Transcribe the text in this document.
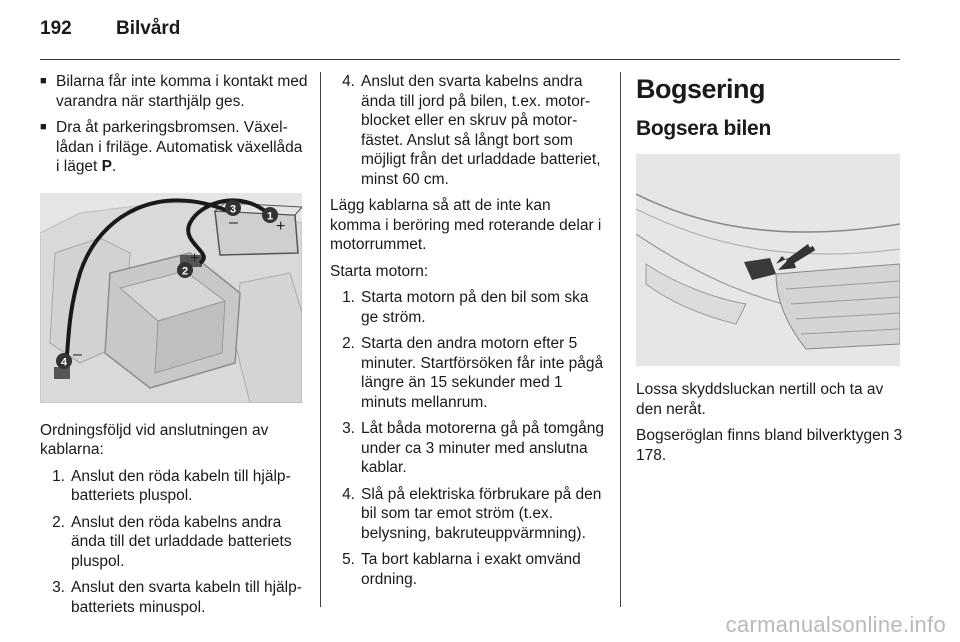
192	Bilvård
■ Bilarna får inte komma i kontakt med varandra när starthjälp ges.
■ Dra åt parkeringsbromsen. Växellådan i friläge. Automatisk växellåda i läget P.
1
2
3
4
+
+
–
–

Ordningsföljd vid anslutningen av kablarna:

1. Anslut den röda kabeln till hjälpbatteriets pluspol.
2. Anslut den röda kabelns andra ända till det urladdade batteriets pluspol.
3. Anslut den svarta kabeln till hjälpbatteriets minuspol.
4. Anslut den svarta kabelns andra ända till jord på bilen, t.ex. motorblocket eller en skruv på motorfästet. Anslut så långt bort som möjligt från det urladdade batteriet, minst 60 cm.

Lägg kablarna så att de inte kan komma i beröring med roterande delar i motorrummet.

Starta motorn:

1. Starta motorn på den bil som ska ge ström.
2. Starta den andra motorn efter 5 minuter. Startförsöken får inte pågå längre än 15 sekunder med 1 minuts mellanrum.
3. Låt båda motorerna gå på tomgång under ca 3 minuter med anslutna kablar.
4. Slå på elektriska förbrukare på den bil som tar emot ström (t.ex. belysning, bakruteuppvärmning).
5. Ta bort kablarna i exakt omvänd ordning.
Bogsering
Bogsera bilen

Lossa skyddsluckan nertill och ta av den neråt.

Bogseröglan finns bland bilverktygen 3 178.

carmanualsonline.info
